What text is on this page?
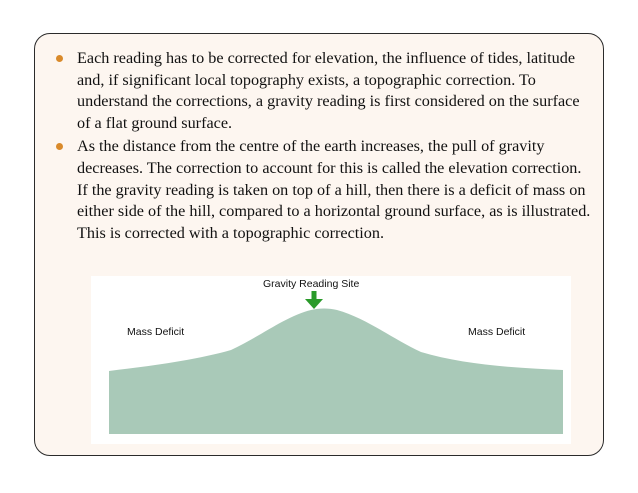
Each reading has to be corrected for elevation, the influence of tides, latitude and, if significant local topography exists, a topographic correction. To understand the corrections, a gravity reading is first considered on the surface of a flat ground surface.
As the distance from the centre of the earth increases, the pull of gravity decreases. The correction to account for this is called the elevation correction. If the gravity reading is taken on top of a hill, then there is a deficit of mass on either side of the hill, compared to a horizontal ground surface, as is illustrated. This is corrected with a topographic correction.
Gravity Reading Site
Mass Deficit	Mass Deficit
